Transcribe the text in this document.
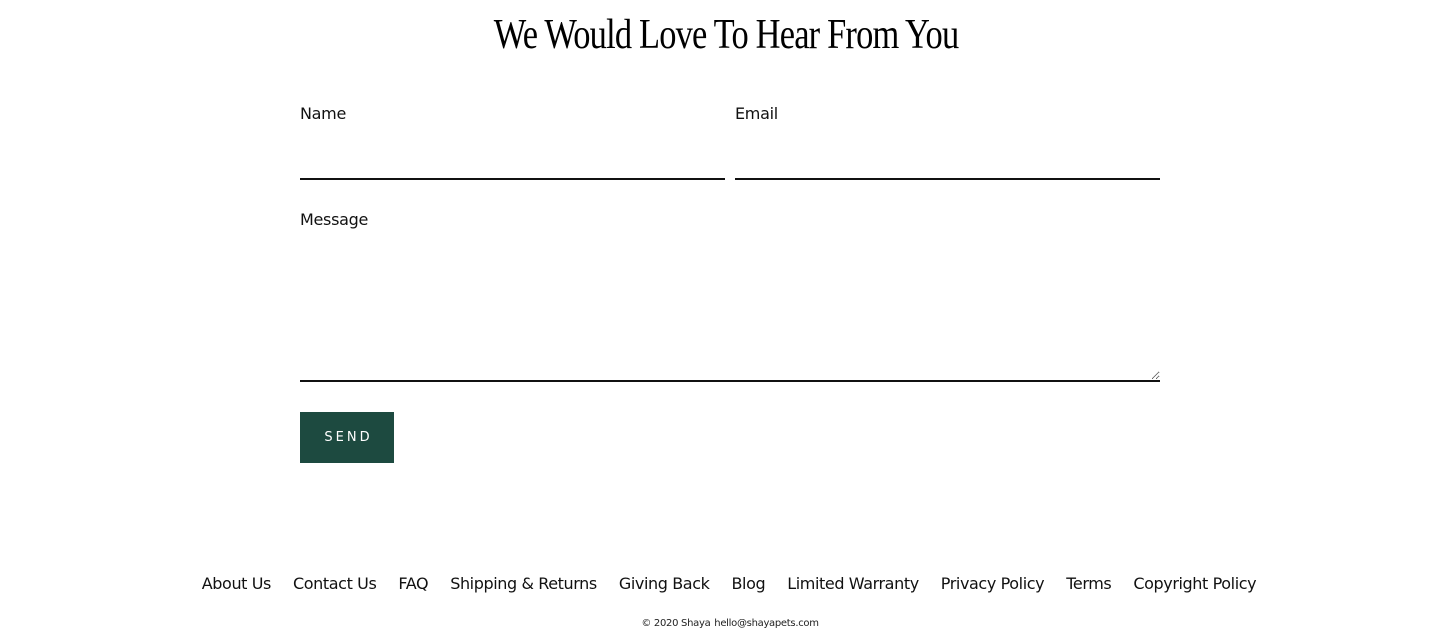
We Would Love To Hear From You
Name	Email
Message
SEND
About Us Contact Us FAQ Shipping & Returns Giving Back Blog Limited Warranty Privacy Policy Terms Copyright Policy
© 2020 Shaya hello@shayapets.com
